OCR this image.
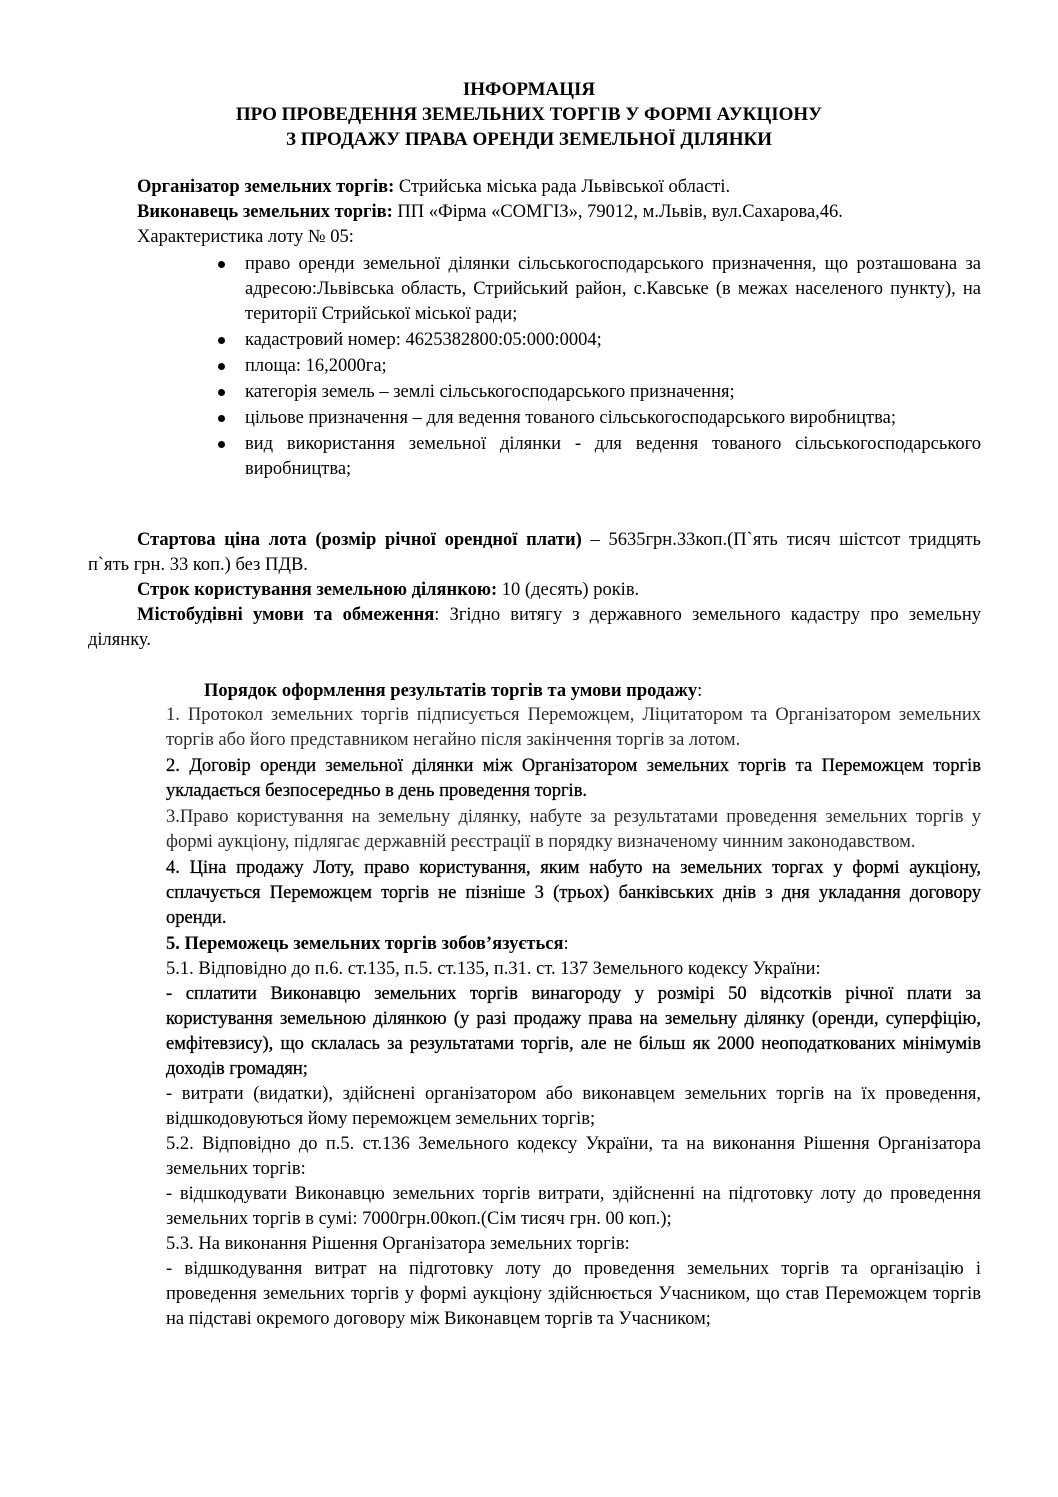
ІНФОРМАЦІЯ
ПРО ПРОВЕДЕННЯ ЗЕМЕЛЬНИХ ТОРГІВ У ФОРМІ АУКЦІОНУ
З ПРОДАЖУ ПРАВА ОРЕНДИ ЗЕМЕЛЬНОЇ ДІЛЯНКИ
Організатор земельних торгів: Стрийська міська рада Львівської області.
Виконавець земельних торгів: ПП «Фірма «СОМГІЗ», 79012, м.Львів, вул.Сахарова,46.
Характеристика лоту № 05:
право оренди земельної ділянки сільськогосподарського призначення, що розташована за адресою:Львівська область, Стрийський район, с.Кавське (в межах населеного пункту), на території Стрийської міської ради;
кадастровий номер: 4625382800:05:000:0004;
площа: 16,2000га;
категорія земель – землі сільськогосподарського призначення;
цільове призначення – для ведення тованого сільськогосподарського виробництва;
вид використання земельної ділянки - для ведення тованого сільськогосподарського виробництва;
Стартова ціна лота (розмір річної орендної плати) – 5635грн.33коп.(П`ять тисяч шістсот тридцять п`ять грн. 33 коп.) без ПДВ.
Строк користування земельною ділянкою: 10 (десять) років.
Містобудівні умови та обмеження: Згідно витягу з державного земельного кадастру про земельну ділянку.
Порядок оформлення результатів торгів та умови продажу:
1. Протокол земельних торгів підписується Переможцем, Ліцитатором та Організатором земельних торгів або його представником негайно після закінчення торгів за лотом.
2. Договір оренди земельної ділянки між Організатором земельних торгів та Переможцем торгів укладається безпосередньо в день проведення торгів.
3.Право користування на земельну ділянку, набуте за результатами проведення земельних торгів у формі аукціону, підлягає державній реєстрації в порядку визначеному чинним законодавством.
4. Ціна продажу Лоту, право користування, яким набуто на земельних торгах у формі аукціону, сплачується Переможцем торгів не пізніше 3 (трьох) банківських днів з дня укладання договору оренди.
5. Переможець земельних торгів зобов’язується:
5.1. Відповідно до п.6. ст.135, п.5. ст.135, п.31. ст. 137 Земельного кодексу України:
- сплатити Виконавцю земельних торгів винагороду у розмірі 50 відсотків річної плати за користування земельною ділянкою (у разі продажу права на земельну ділянку (оренди, суперфіцію, емфітевзису), що склалась за результатами торгів, але не більш як 2000 неоподаткованих мінімумів доходів громадян;
- витрати (видатки), здійснені організатором або виконавцем земельних торгів на їх проведення, відшкодовуються йому переможцем земельних торгів;
5.2. Відповідно до п.5. ст.136 Земельного кодексу України, та на виконання Рішення Організатора земельних торгів:
- відшкодувати Виконавцю земельних торгів витрати, здійсненні на підготовку лоту до проведення земельних торгів в сумі: 7000грн.00коп.(Сім тисяч грн. 00 коп.);
5.3. На виконання Рішення Організатора земельних торгів:
- відшкодування витрат на підготовку лоту до проведення земельних торгів та організацію і проведення земельних торгів у формі аукціону здійснюється Учасником, що став Переможцем торгів на підставі окремого договору між Виконавцем торгів та Учасником;
